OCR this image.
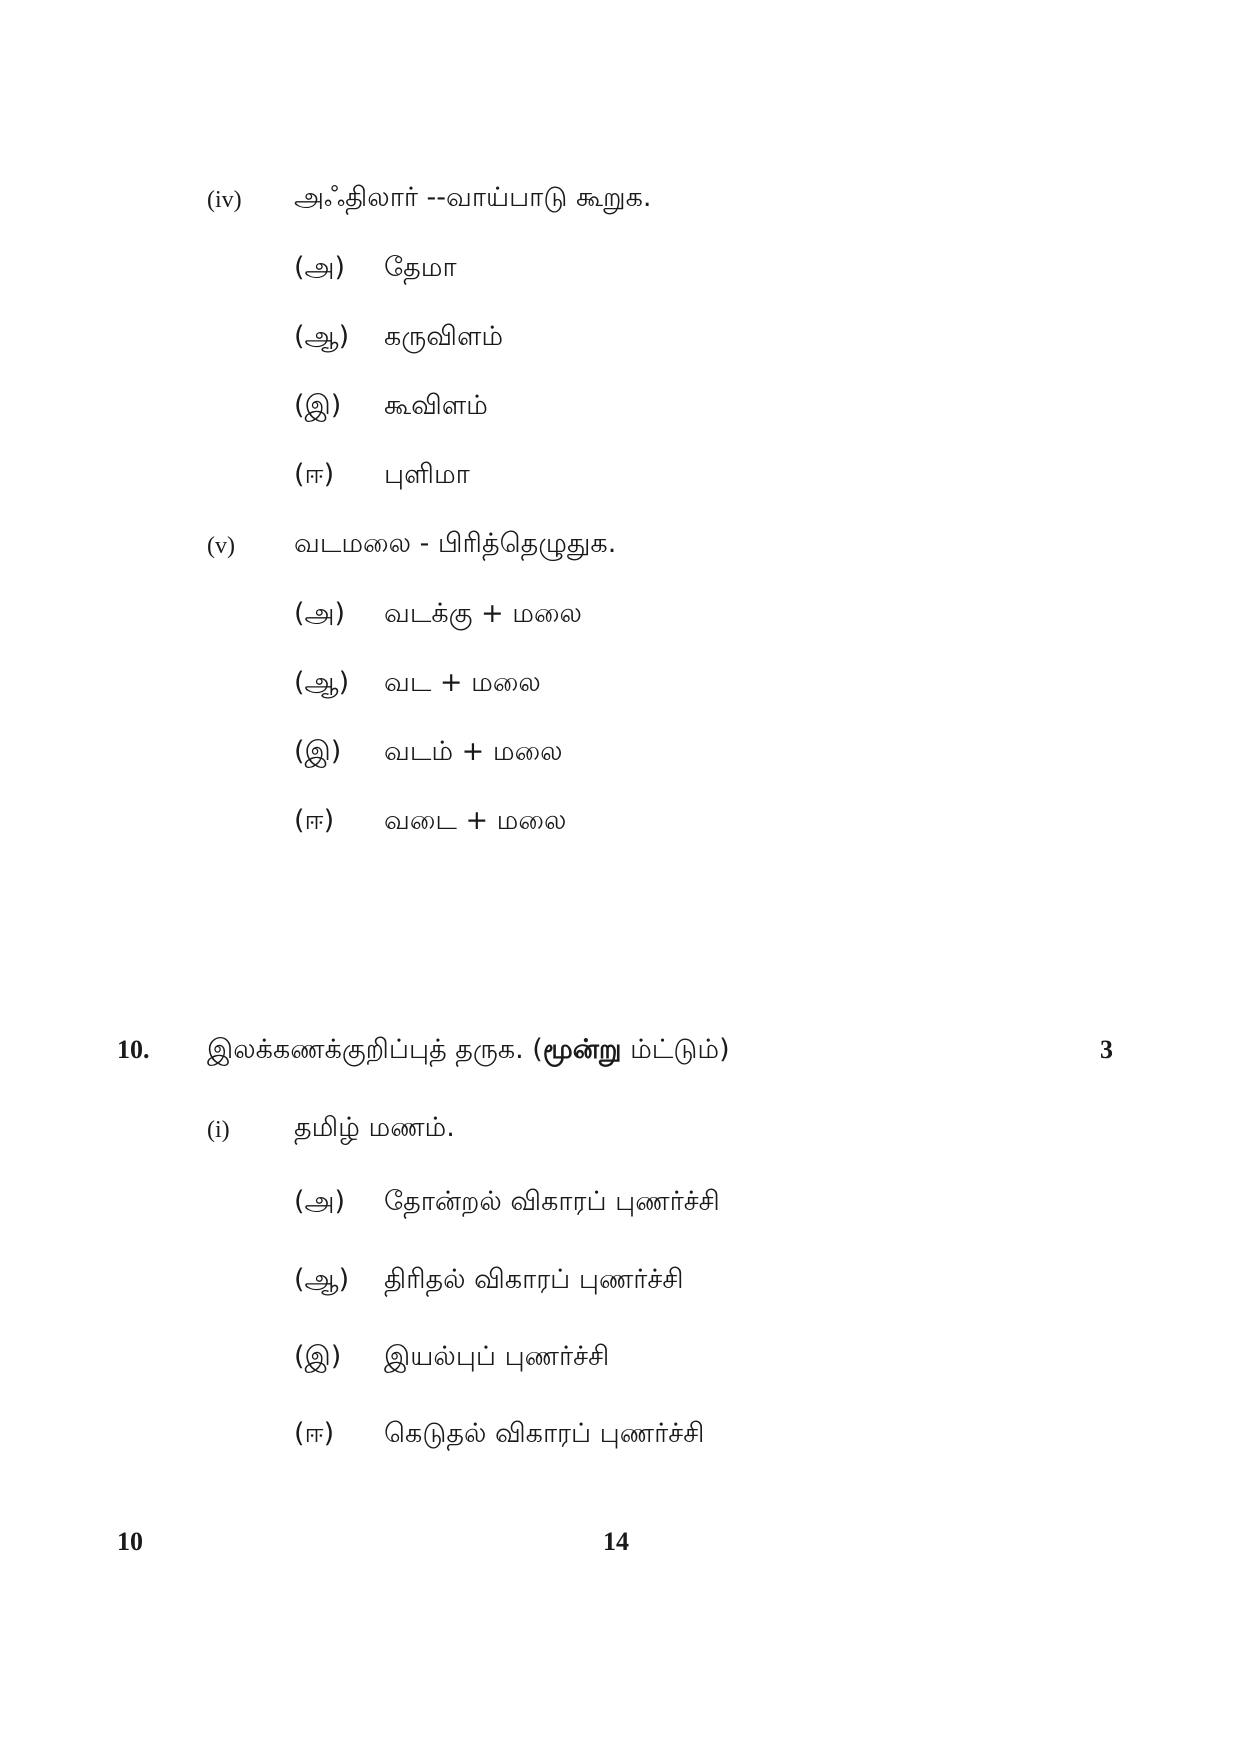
(iv) அஃதிலார் --வாய்பாடு கூறுக.
(அ) தேமா
(ஆ) கருவிளம்
(இ) கூவிளம்
(ஈ) புளிமா
(v) வடமலை - பிரித்தெழுதுக.
(அ) வடக்கு + மலை
(ஆ) வட + மலை
(இ) வடம் + மலை
(ஈ) வடை + மலை
10. இலக்கணக்குறிப்புத் தருக. (மூன்று ம்ட்டும்)	3
(i) தமிழ் மணம்.
(அ) தோன்றல் விகாரப் புணர்ச்சி
(ஆ) திரிதல் விகாரப் புணர்ச்சி
(இ) இயல்புப் புணர்ச்சி
(ஈ) கெடுதல் விகாரப் புணர்ச்சி
10	14
